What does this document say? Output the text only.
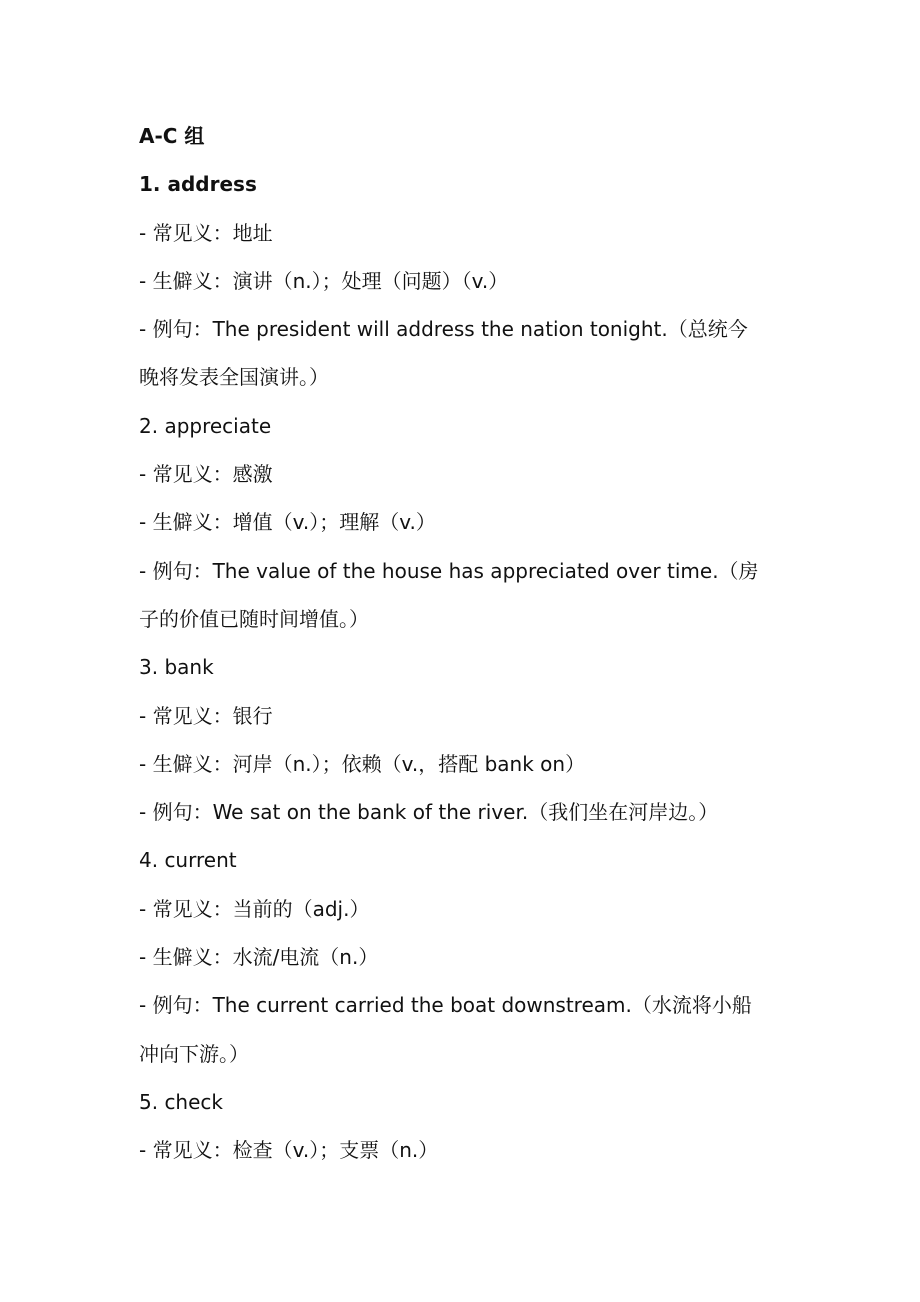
A-C 组
1. address
- 常见义：地址
- 生僻义：演讲（n.）；处理（问题）（v.）
- 例句：The president will address the nation tonight.（总统今
晚将发表全国演讲。）
2. appreciate
- 常见义：感激
- 生僻义：增值（v.）；理解（v.）
- 例句：The value of the house has appreciated over time.（房
子的价值已随时间增值。）
3. bank
- 常见义：银行
- 生僻义：河岸（n.）；依赖（v.，搭配 bank on）
- 例句：We sat on the bank of the river.（我们坐在河岸边。）
4. current
- 常见义：当前的（adj.）
- 生僻义：水流/电流（n.）
- 例句：The current carried the boat downstream.（水流将小船
冲向下游。）
5. check
- 常见义：检查（v.）；支票（n.）
